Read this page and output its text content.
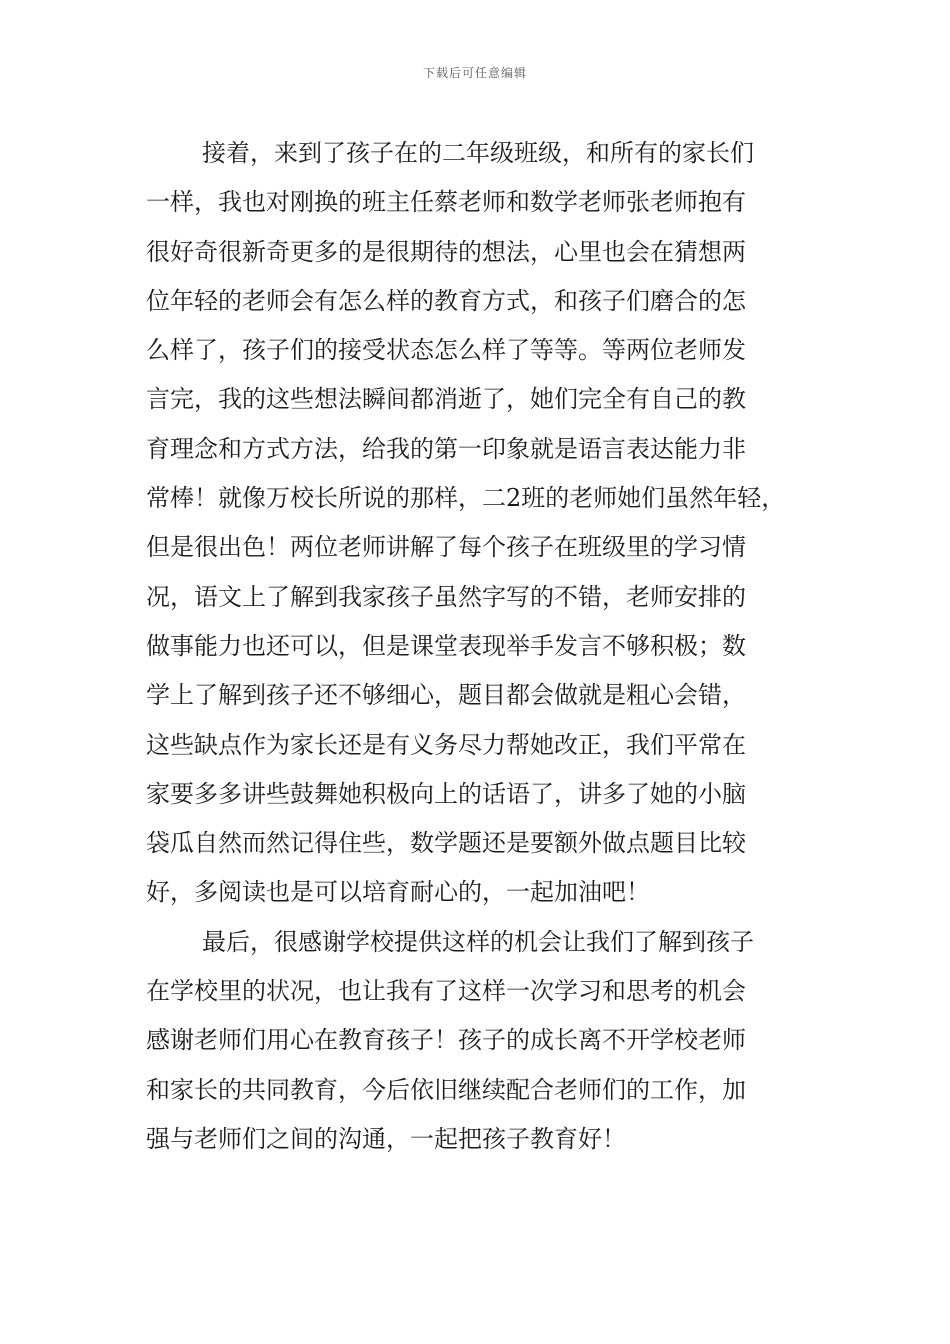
下载后可任意编辑
接着，来到了孩子在的二年级班级，和所有的家长们
一样，我也对刚换的班主任蔡老师和数学老师张老师抱有
很好奇很新奇更多的是很期待的想法，心里也会在猜想两
位年轻的老师会有怎么样的教育方式，和孩子们磨合的怎
么样了，孩子们的接受状态怎么样了等等。等两位老师发
言完，我的这些想法瞬间都消逝了，她们完全有自己的教
育理念和方式方法，给我的第一印象就是语言表达能力非
常棒！就像万校长所说的那样，二2班的老师她们虽然年轻，
但是很出色！两位老师讲解了每个孩子在班级里的学习情
况，语文上了解到我家孩子虽然字写的不错，老师安排的
做事能力也还可以，但是课堂表现举手发言不够积极；数
学上了解到孩子还不够细心，题目都会做就是粗心会错，
这些缺点作为家长还是有义务尽力帮她改正，我们平常在
家要多多讲些鼓舞她积极向上的话语了，讲多了她的小脑
袋瓜自然而然记得住些，数学题还是要额外做点题目比较
好，多阅读也是可以培育耐心的，一起加油吧！
最后，很感谢学校提供这样的机会让我们了解到孩子
在学校里的状况，也让我有了这样一次学习和思考的机会
感谢老师们用心在教育孩子！孩子的成长离不开学校老师
和家长的共同教育，今后依旧继续配合老师们的工作，加
强与老师们之间的沟通，一起把孩子教育好！
